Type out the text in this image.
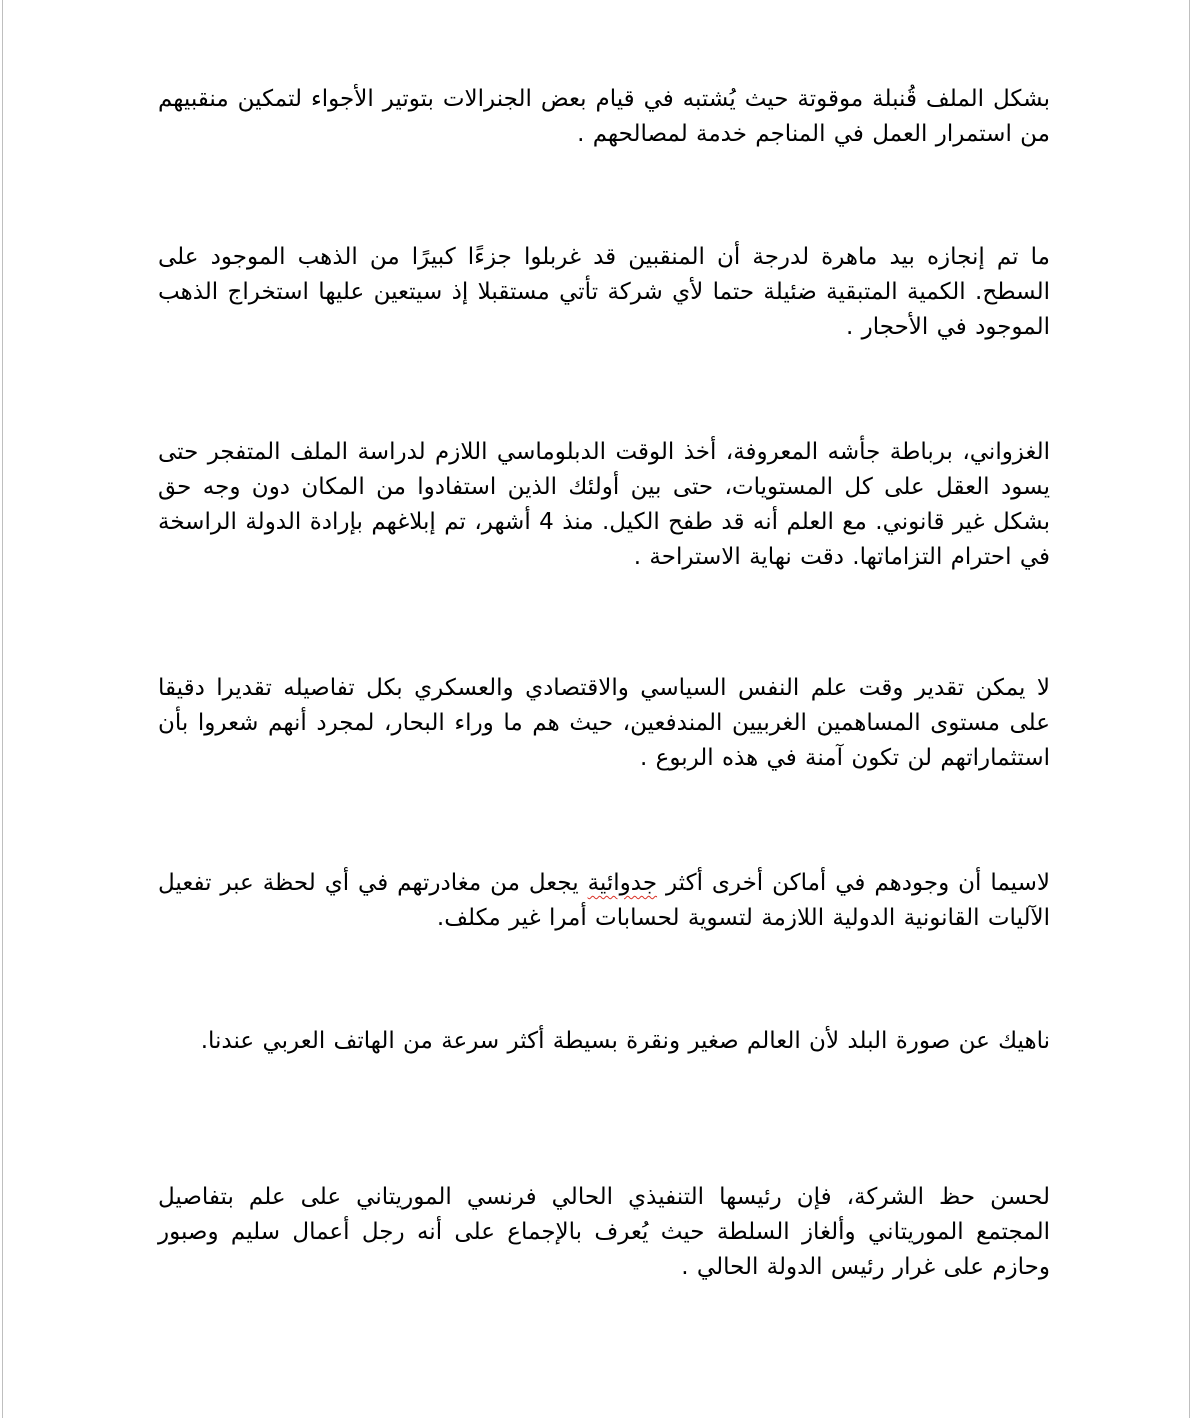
بشكل الملف قُنبلة موقوتة حيث يُشتبه في قيام بعض الجنرالات بتوتير الأجواء لتمكين منقبيهم من استمرار العمل في المناجم خدمة لمصالحهم .

ما تم إنجازه بيد ماهرة لدرجة أن المنقبين قد غربلوا جزءًا كبيرًا من الذهب الموجود على السطح. الكمية المتبقية ضئيلة حتما لأي شركة تأتي مستقبلا إذ سيتعين عليها استخراج الذهب الموجود في الأحجار .

الغزواني، برباطة جأشه المعروفة، أخذ الوقت الدبلوماسي اللازم لدراسة الملف المتفجر حتى يسود العقل على كل المستويات، حتى بين أولئك الذين استفادوا من المكان دون وجه حق بشكل غير قانوني. مع العلم أنه قد طفح الكيل. منذ 4 أشهر، تم إبلاغهم بإرادة الدولة الراسخة في احترام التزاماتها. دقت نهاية الاستراحة .

لا يمكن تقدير وقت علم النفس السياسي والاقتصادي والعسكري بكل تفاصيله تقديرا دقيقا على مستوى المساهمين الغربيين المندفعين، حيث هم ما وراء البحار، لمجرد أنهم شعروا بأن استثماراتهم لن تكون آمنة في هذه الربوع .

لاسيما أن وجودهم في أماكن أخرى أكثر جدوائية يجعل من مغادرتهم في أي لحظة عبر تفعيل الآليات القانونية الدولية اللازمة لتسوية لحسابات أمرا غير مكلف.

ناهيك عن صورة البلد لأن العالم صغير ونقرة بسيطة أكثر سرعة من الهاتف العربي عندنا.

لحسن حظ الشركة، فإن رئيسها التنفيذي الحالي فرنسي الموريتاني على علم بتفاصيل المجتمع الموريتاني وألغاز السلطة حيث يُعرف بالإجماع على أنه رجل أعمال سليم وصبور وحازم على غرار رئيس الدولة الحالي .
